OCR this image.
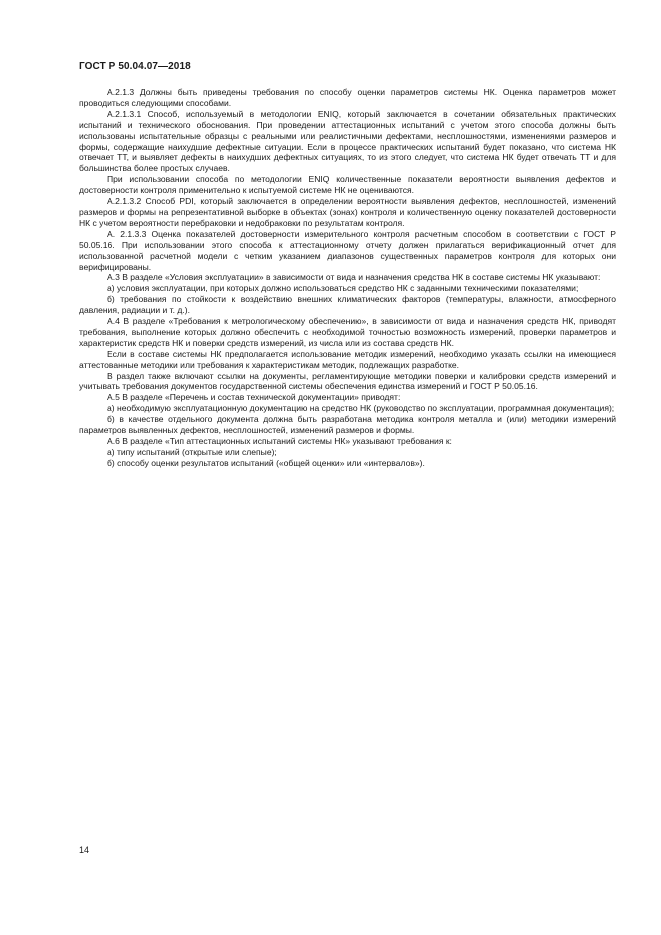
ГОСТ Р 50.04.07—2018

А.2.1.3 Должны быть приведены требования по способу оценки параметров системы НК. Оценка параметров может проводиться следующими способами.

А.2.1.3.1 Способ, используемый в методологии ENIQ, который заключается в сочетании обязательных практических испытаний и технического обоснования. При проведении аттестационных испытаний с учетом этого способа должны быть использованы испытательные образцы с реальными или реалистичными дефектами, несплошностями, изменениями размеров и формы, содержащие наихудшие дефектные ситуации. Если в процессе практических испытаний будет показано, что система НК отвечает ТТ, и выявляет дефекты в наихудших дефектных ситуациях, то из этого следует, что система НК будет отвечать ТТ и для большинства более простых случаев.

При использовании способа по методологии ENIQ количественные показатели вероятности выявления дефектов и достоверности контроля применительно к испытуемой системе НК не оцениваются.

А.2.1.3.2 Способ PDI, который заключается в определении вероятности выявления дефектов, несплошностей, изменений размеров и формы на репрезентативной выборке в объектах (зонах) контроля и количественную оценку показателей достоверности НК с учетом вероятности перебраковки и недобраковки по результатам контроля.

А. 2.1.3.3 Оценка показателей достоверности измерительного контроля расчетным способом в соответствии с ГОСТ Р 50.05.16. При использовании этого способа к аттестационному отчету должен прилагаться верификационный отчет для использованной расчетной модели с четким указанием диапазонов существенных параметров контроля для которых они верифицированы.

А.3 В разделе «Условия эксплуатации» в зависимости от вида и назначения средства НК в составе системы НК указывают:

а) условия эксплуатации, при которых должно использоваться средство НК с заданными техническими показателями;

б) требования по стойкости к воздействию внешних климатических факторов (температуры, влажности, атмосферного давления, радиации и т. д.).

А.4 В разделе «Требования к метрологическому обеспечению», в зависимости от вида и назначения средств НК, приводят требования, выполнение которых должно обеспечить с необходимой точностью возможность измерений, проверки параметров и характеристик средств НК и поверки средств измерений, из числа или из состава средств НК.

Если в составе системы НК предполагается использование методик измерений, необходимо указать ссылки на имеющиеся аттестованные методики или требования к характеристикам методик, подлежащих разработке.

В раздел также включают ссылки на документы, регламентирующие методики поверки и калибровки средств измерений и учитывать требования документов государственной системы обеспечения единства измерений и ГОСТ Р 50.05.16.

А.5 В разделе «Перечень и состав технической документации» приводят:

а) необходимую эксплуатационную документацию на средство НК (руководство по эксплуатации, программная документация);

б) в качестве отдельного документа должна быть разработана методика контроля металла и (или) методики измерений параметров выявленных дефектов, несплошностей, изменений размеров и формы.

А.6 В разделе «Тип аттестационных испытаний системы НК» указывают требования к:

а) типу испытаний (открытые или слепые);

б) способу оценки результатов испытаний («общей оценки» или «интервалов»).

14
